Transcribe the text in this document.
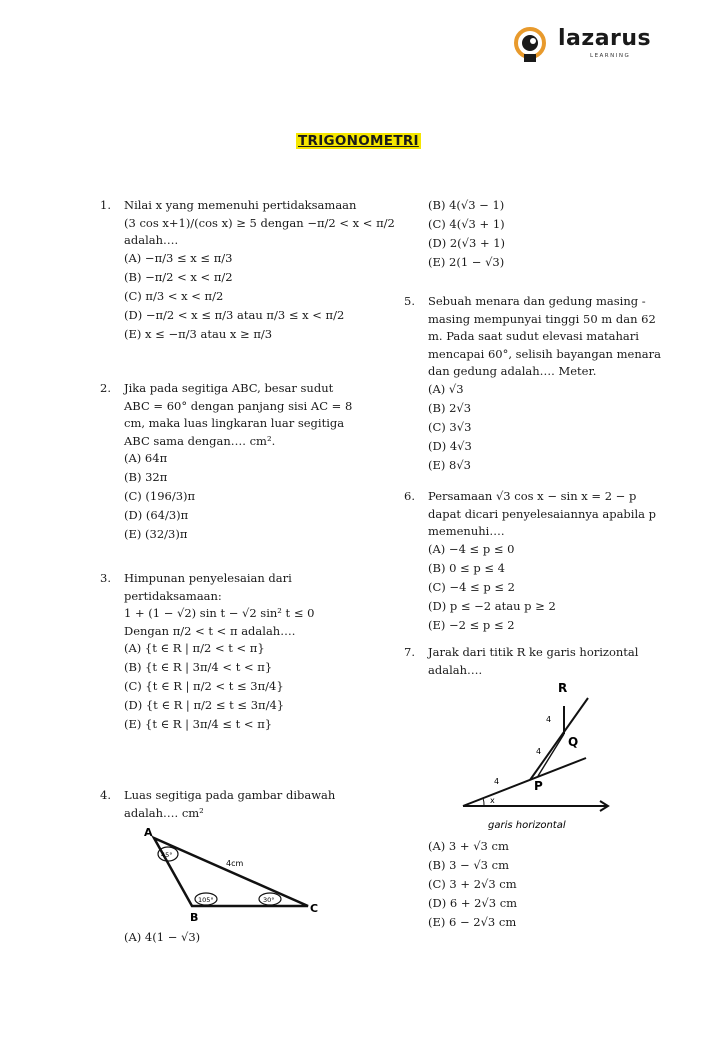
lazarus
LEARNING
TRIGONOMETRI
1. Nilai x yang memenuhi pertidaksamaan
(3 cos x+1)/(cos x) ≥ 5 dengan −π/2 < x < π/2
adalah….
(A) −π/3 ≤ x ≤ π/3
(B) −π/2 < x < π/2
(C) π/3 < x < π/2
(D) −π/2 < x ≤ π/3 atau π/3 ≤ x < π/2
(E) x ≤ −π/3 atau x ≥ π/3
2. Jika pada segitiga ABC, besar sudut
ABC = 60° dengan panjang sisi AC = 8
cm, maka luas lingkaran luar segitiga
ABC sama dengan…. cm².
(A) 64π
(B) 32π
(C) (196/3)π
(D) (64/3)π
(E) (32/3)π
3. Himpunan penyelesaian dari
pertidaksamaan:
1 + (1 − √2) sin t − √2 sin² t ≤ 0
Dengan π/2 < t < π adalah….
(A) {t ∈ R | π/2 < t < π}
(B) {t ∈ R | 3π/4 < t < π}
(C) {t ∈ R | π/2 < t ≤ 3π/4}
(D) {t ∈ R | π/2 ≤ t ≤ 3π/4}
(E) {t ∈ R | 3π/4 ≤ t < π}
4. Luas segitiga pada gambar dibawah
adalah…. cm²
A
B
C
45°
105°	30°
4cm
(A) 4(1 − √3)
(B) 4(√3 − 1)
(C) 4(√3 + 1)
(D) 2(√3 + 1)
(E) 2(1 − √3)
5. Sebuah menara dan gedung masing -
masing mempunyai tinggi 50 m dan 62
m. Pada saat sudut elevasi matahari
mencapai 60°, selisih bayangan menara
dan gedung adalah…. Meter.
(A) √3
(B) 2√3
(C) 3√3
(D) 4√3
(E) 8√3
6. Persamaan √3 cos x − sin x = 2 − p
dapat dicari penyelesaiannya apabila p
memenuhi….
(A) −4 ≤ p ≤ 0
(B) 0 ≤ p ≤ 4
(C) −4 ≤ p ≤ 2
(D) p ≤ −2 atau p ≥ 2
(E) −2 ≤ p ≤ 2
7. Jarak dari titik R ke garis horizontal
adalah….
R
Q
P
4
4
4
x
garis horizontal
(A) 3 + √3 cm
(B) 3 − √3 cm
(C) 3 + 2√3 cm
(D) 6 + 2√3 cm
(E) 6 − 2√3 cm
